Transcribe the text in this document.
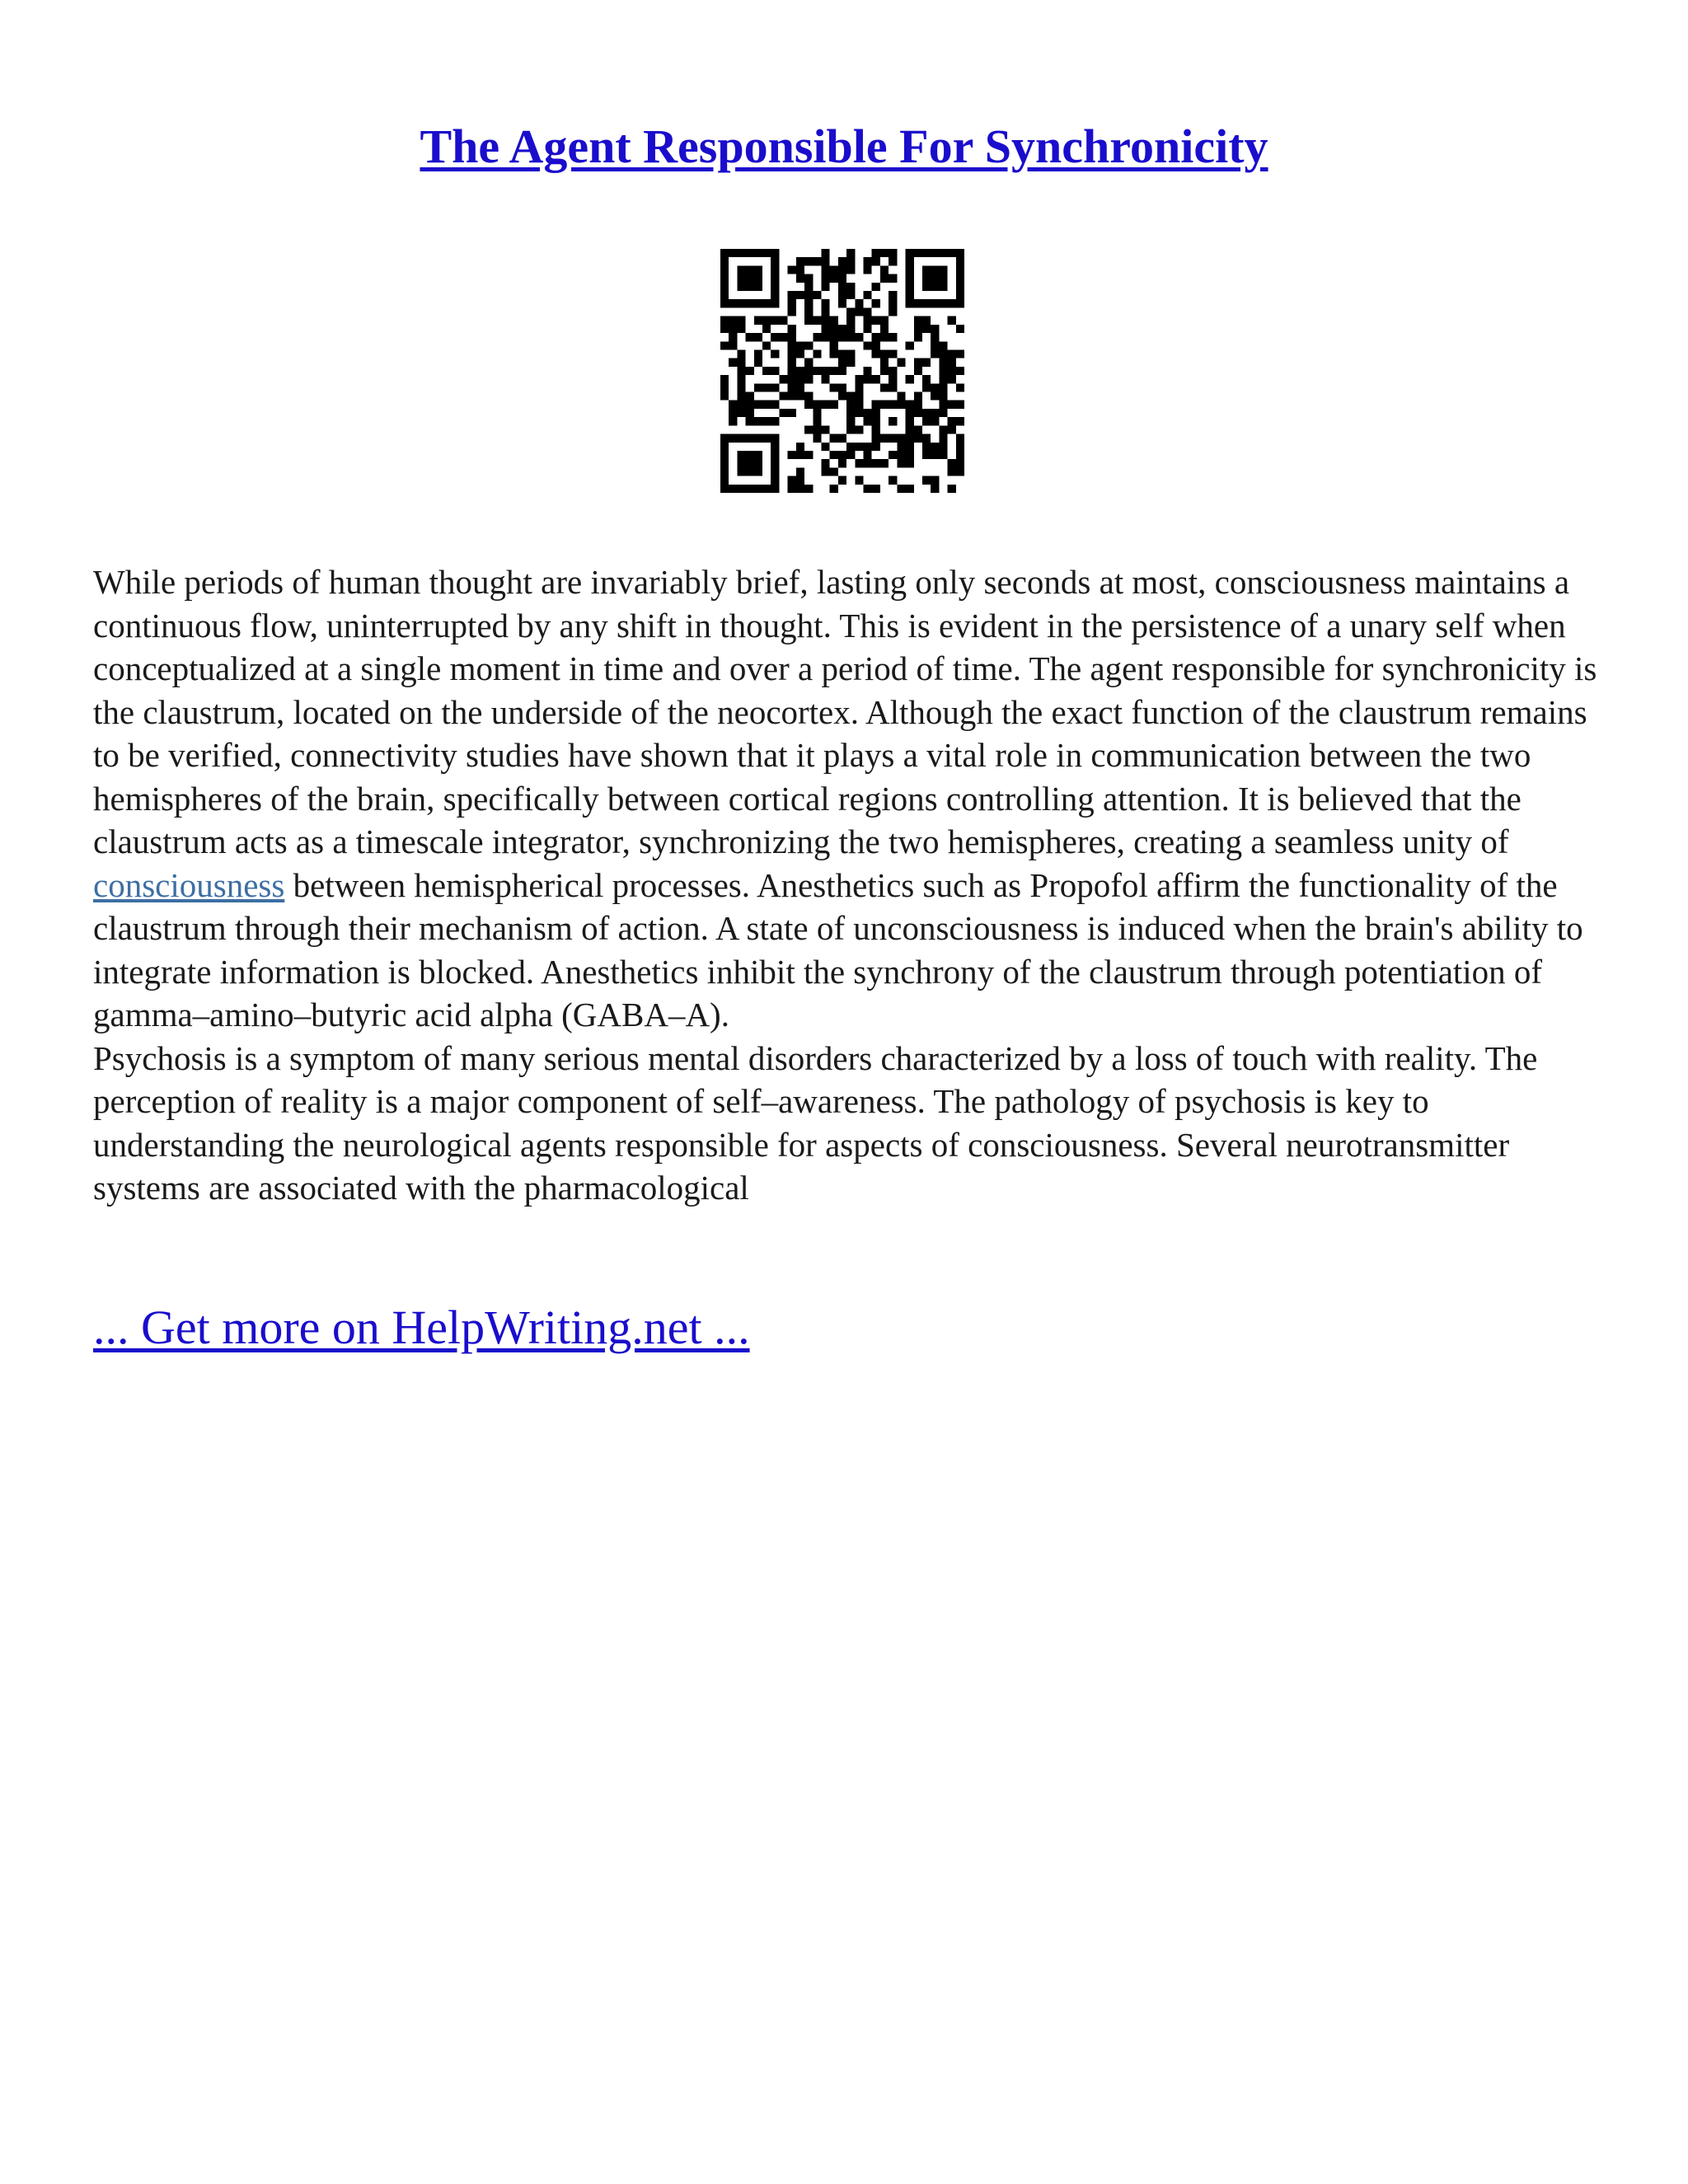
The Agent Responsible For Synchronicity

While periods of human thought are invariably brief, lasting only seconds at most, consciousness maintains a continuous flow, uninterrupted by any shift in thought. This is evident in the persistence of a unary self when conceptualized at a single moment in time and over a period of time. The agent responsible for synchronicity is the claustrum, located on the underside of the neocortex. Although the exact function of the claustrum remains to be verified, connectivity studies have shown that it plays a vital role in communication between the two hemispheres of the brain, specifically between cortical regions controlling attention. It is believed that the claustrum acts as a timescale integrator, synchronizing the two hemispheres, creating a seamless unity of consciousness between hemispherical processes. Anesthetics such as Propofol affirm the functionality of the claustrum through their mechanism of action. A state of unconsciousness is induced when the brain's ability to integrate information is blocked. Anesthetics inhibit the synchrony of the claustrum through potentiation of gamma–amino–butyric acid alpha (GABA–A).

Psychosis is a symptom of many serious mental disorders characterized by a loss of touch with reality. The perception of reality is a major component of self–awareness. The pathology of psychosis is key to understanding the neurological agents responsible for aspects of consciousness. Several neurotransmitter systems are associated with the pharmacological

... Get more on HelpWriting.net ...
